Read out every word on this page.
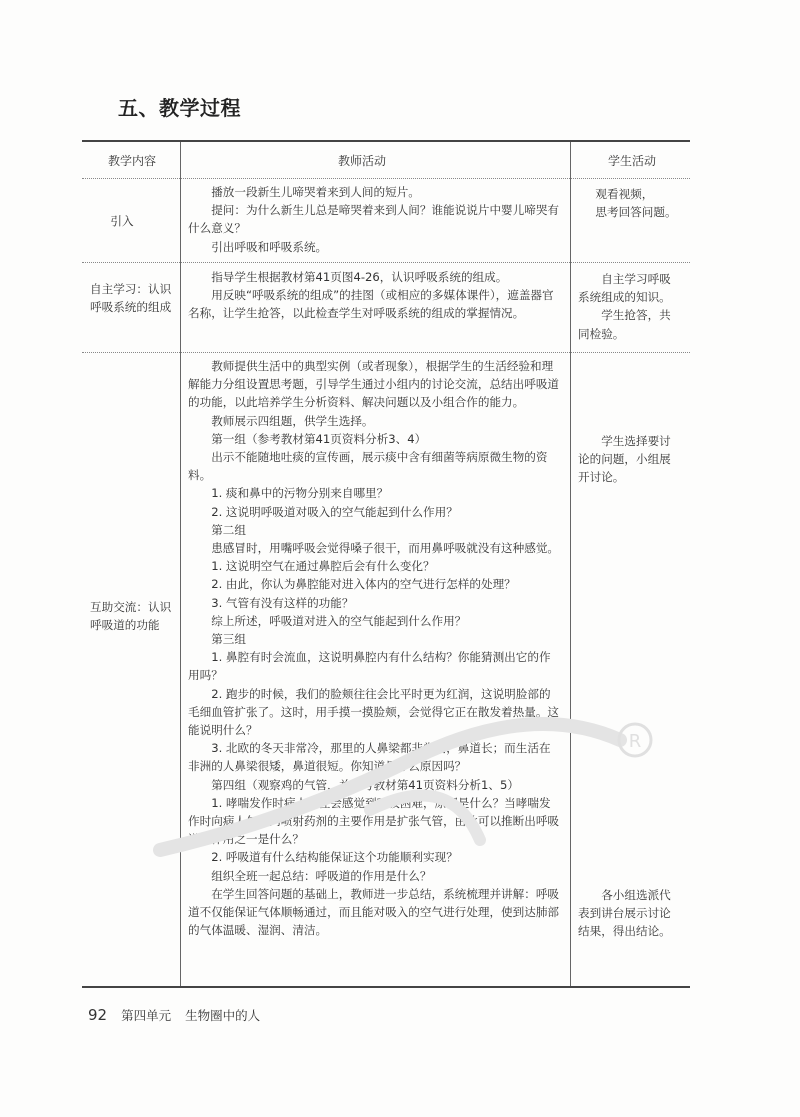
五、教学过程
教学内容	教师活动	学生活动

引入

播放一段新生儿啼哭着来到人间的短片。

提问：为什么新生儿总是啼哭着来到人间？谁能说说片中婴儿啼哭有什么意义？

引出呼吸和呼吸系统。

观看视频，

思考回答问题。

自主学习：认识呼吸系统的组成

指导学生根据教材第41页图4-26，认识呼吸系统的组成。

用反映“呼吸系统的组成”的挂图（或相应的多媒体课件），遮盖器官名称，让学生抢答，以此检查学生对呼吸系统的组成的掌握情况。

自主学习呼吸系统组成的知识。

学生抢答，共同检验。

互助交流：认识呼吸道的功能

教师提供生活中的典型实例（或者现象），根据学生的生活经验和理解能力分组设置思考题，引导学生通过小组内的讨论交流，总结出呼吸道的功能，以此培养学生分析资料、解决问题以及小组合作的能力。

教师展示四组题，供学生选择。

第一组（参考教材第41页资料分析3、4）

出示不能随地吐痰的宣传画，展示痰中含有细菌等病原微生物的资料。

1. 痰和鼻中的污物分别来自哪里？

2. 这说明呼吸道对吸入的空气能起到什么作用？

第二组

患感冒时，用嘴呼吸会觉得嗓子很干，而用鼻呼吸就没有这种感觉。

1. 这说明空气在通过鼻腔后会有什么变化？

2. 由此，你认为鼻腔能对进入体内的空气进行怎样的处理？

3. 气管有没有这样的功能？

综上所述，呼吸道对进入的空气能起到什么作用？

第三组

1. 鼻腔有时会流血，这说明鼻腔内有什么结构？你能猜测出它的作用吗？

2. 跑步的时候，我们的脸颊往往会比平时更为红润，这说明脸部的毛细血管扩张了。这时，用手摸一摸脸颊，会觉得它正在散发着热量。这能说明什么？

3. 北欧的冬天非常冷，那里的人鼻梁都非常高，鼻道长；而生活在非洲的人鼻梁很矮，鼻道很短。你知道是什么原因吗？

第四组（观察鸡的气管，并参考教材第41页资料分析1、5）

1. 哮喘发作时病人往往会感觉到呼吸困难，原因是什么？当哮喘发作时向病人气管内喷射药剂的主要作用是扩张气管，由此可以推断出呼吸道的作用之一是什么？

2. 呼吸道有什么结构能保证这个功能顺利实现？

组织全班一起总结：呼吸道的作用是什么？

在学生回答问题的基础上，教师进一步总结，系统梳理并讲解：呼吸道不仅能保证气体顺畅通过，而且能对吸入的空气进行处理，使到达肺部的气体温暖、湿润、清洁。

学生选择要讨论的问题，小组展开讨论。

各小组选派代表到讲台展示讨论结果，得出结论。

R
92 第四单元 生物圈中的人
